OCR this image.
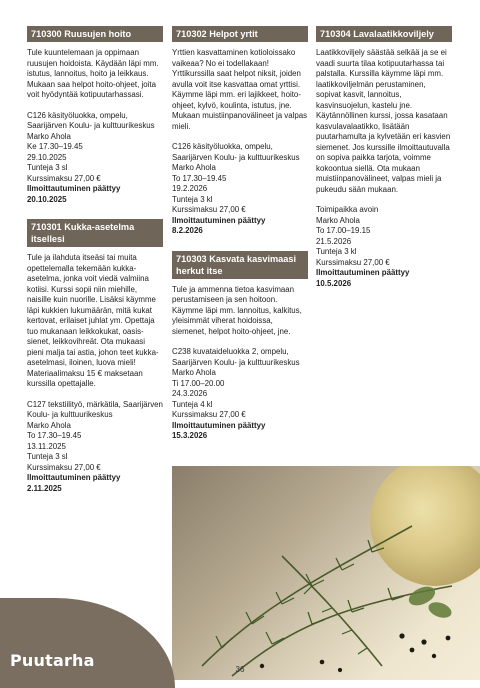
710300 Ruusujen hoito

Tule kuuntelemaan ja oppimaan ruusujen hoidoista. Käydään läpi mm. istutus, lannoitus, hoito ja leikkaus. Mukaan saa helpot hoito-ohjeet, joita voit hyödyntää kotipuutarhassasi.

C126 käsityöluokka, ompelu, Saarijärven Koulu- ja kulttuurikeskus
Marko Ahola
Ke 17.30–19.45
29.10.2025
Tunteja 3 sl
Kurssimaksu 27,00 €
Ilmoittautuminen päättyy
20.10.2025
710301 Kukka-asetelma itsellesi

Tule ja ilahduta itseäsi tai muita opettelemalla tekemään kukka-asetelma, jonka voit viedä valmiina kotiisi. Kurssi sopii niin miehille, naisille kuin nuorille. Lisäksi käymme läpi kukkien lukumäärän, mitä kukat kertovat, erilaiset juhlat ym. Opettaja tuo mukanaan leikkokukat, oasis-sienet, leikkovihreät. Ota mukaasi pieni malja tai astia, johon teet kukka-asetelmasi, iloinen, luova mieli! Materiaalimaksu 15 € maksetaan kurssilla opettajalle.

C127 tekstiilityö, märkätila, Saarijärven Koulu- ja kulttuurikeskus
Marko Ahola
To 17.30–19.45
13.11.2025
Tunteja 3 sl
Kurssimaksu 27,00 €
Ilmoittautuminen päättyy
2.11.2025
710302 Helpot yrtit

Yrttien kasvattaminen kotioloissako vaikeaa? No ei todellakaan! Yrttikurssilla saat helpot niksit, joiden avulla voit itse kasvattaa omat yrttisi. Käymme läpi mm. eri lajikkeet, hoito-ohjeet, kylvö, koulinta, istutus, jne. Mukaan muistiinpanovälineet ja valpas mieli.

C126 käsityöluokka, ompelu, Saarijärven Koulu- ja kulttuurikeskus
Marko Ahola
To 17.30–19.45
19.2.2026
Tunteja 3 kl
Kurssimaksu 27,00 €
Ilmoittautuminen päättyy
8.2.2026
710303 Kasvata kasvimaasi herkut itse

Tule ja ammenna tietoa kasvimaan perustamiseen ja sen hoitoon. Käymme läpi mm. lannoitus, kalkitus, yleisimmät viherat hoidoissa, siemenet, helpot hoito-ohjeet, jne.

C238 kuvataideluokka 2, ompelu, Saarijärven Koulu- ja kulttuurikeskus
Marko Ahola
Ti 17.00–20.00
24.3.2026
Tunteja 4 kl
Kurssimaksu 27,00 €
Ilmoittautuminen päättyy
15.3.2026
710304 Lavalaatikkoviljely

Laatikkoviljely säästää selkää ja se ei vaadi suurta tilaa kotipuutarhassa tai palstalla. Kurssilla käymme läpi mm. laatikkoviljelmän perustaminen, sopivat kasvit, lannoitus, kasvinsuojelun, kastelu jne. Käytännöllinen kurssi, jossa kasataan kasvulavalaatikko, lisätään puutarhamulta ja kylvetään eri kasvien siemenet. Jos kurssille ilmoittautuvalla on sopiva paikka tarjota, voimme kokoontua siellä. Ota mukaan muistiinpanovälineet, valpas mieli ja pukeudu sään mukaan.

Toimipaikka avoin
Marko Ahola
To 17.00–19.15
21.5.2026
Tunteja 3 kl
Kurssimaksu 27,00 €
Ilmoittautuminen päättyy
10.5.2026
Puutarha	36
